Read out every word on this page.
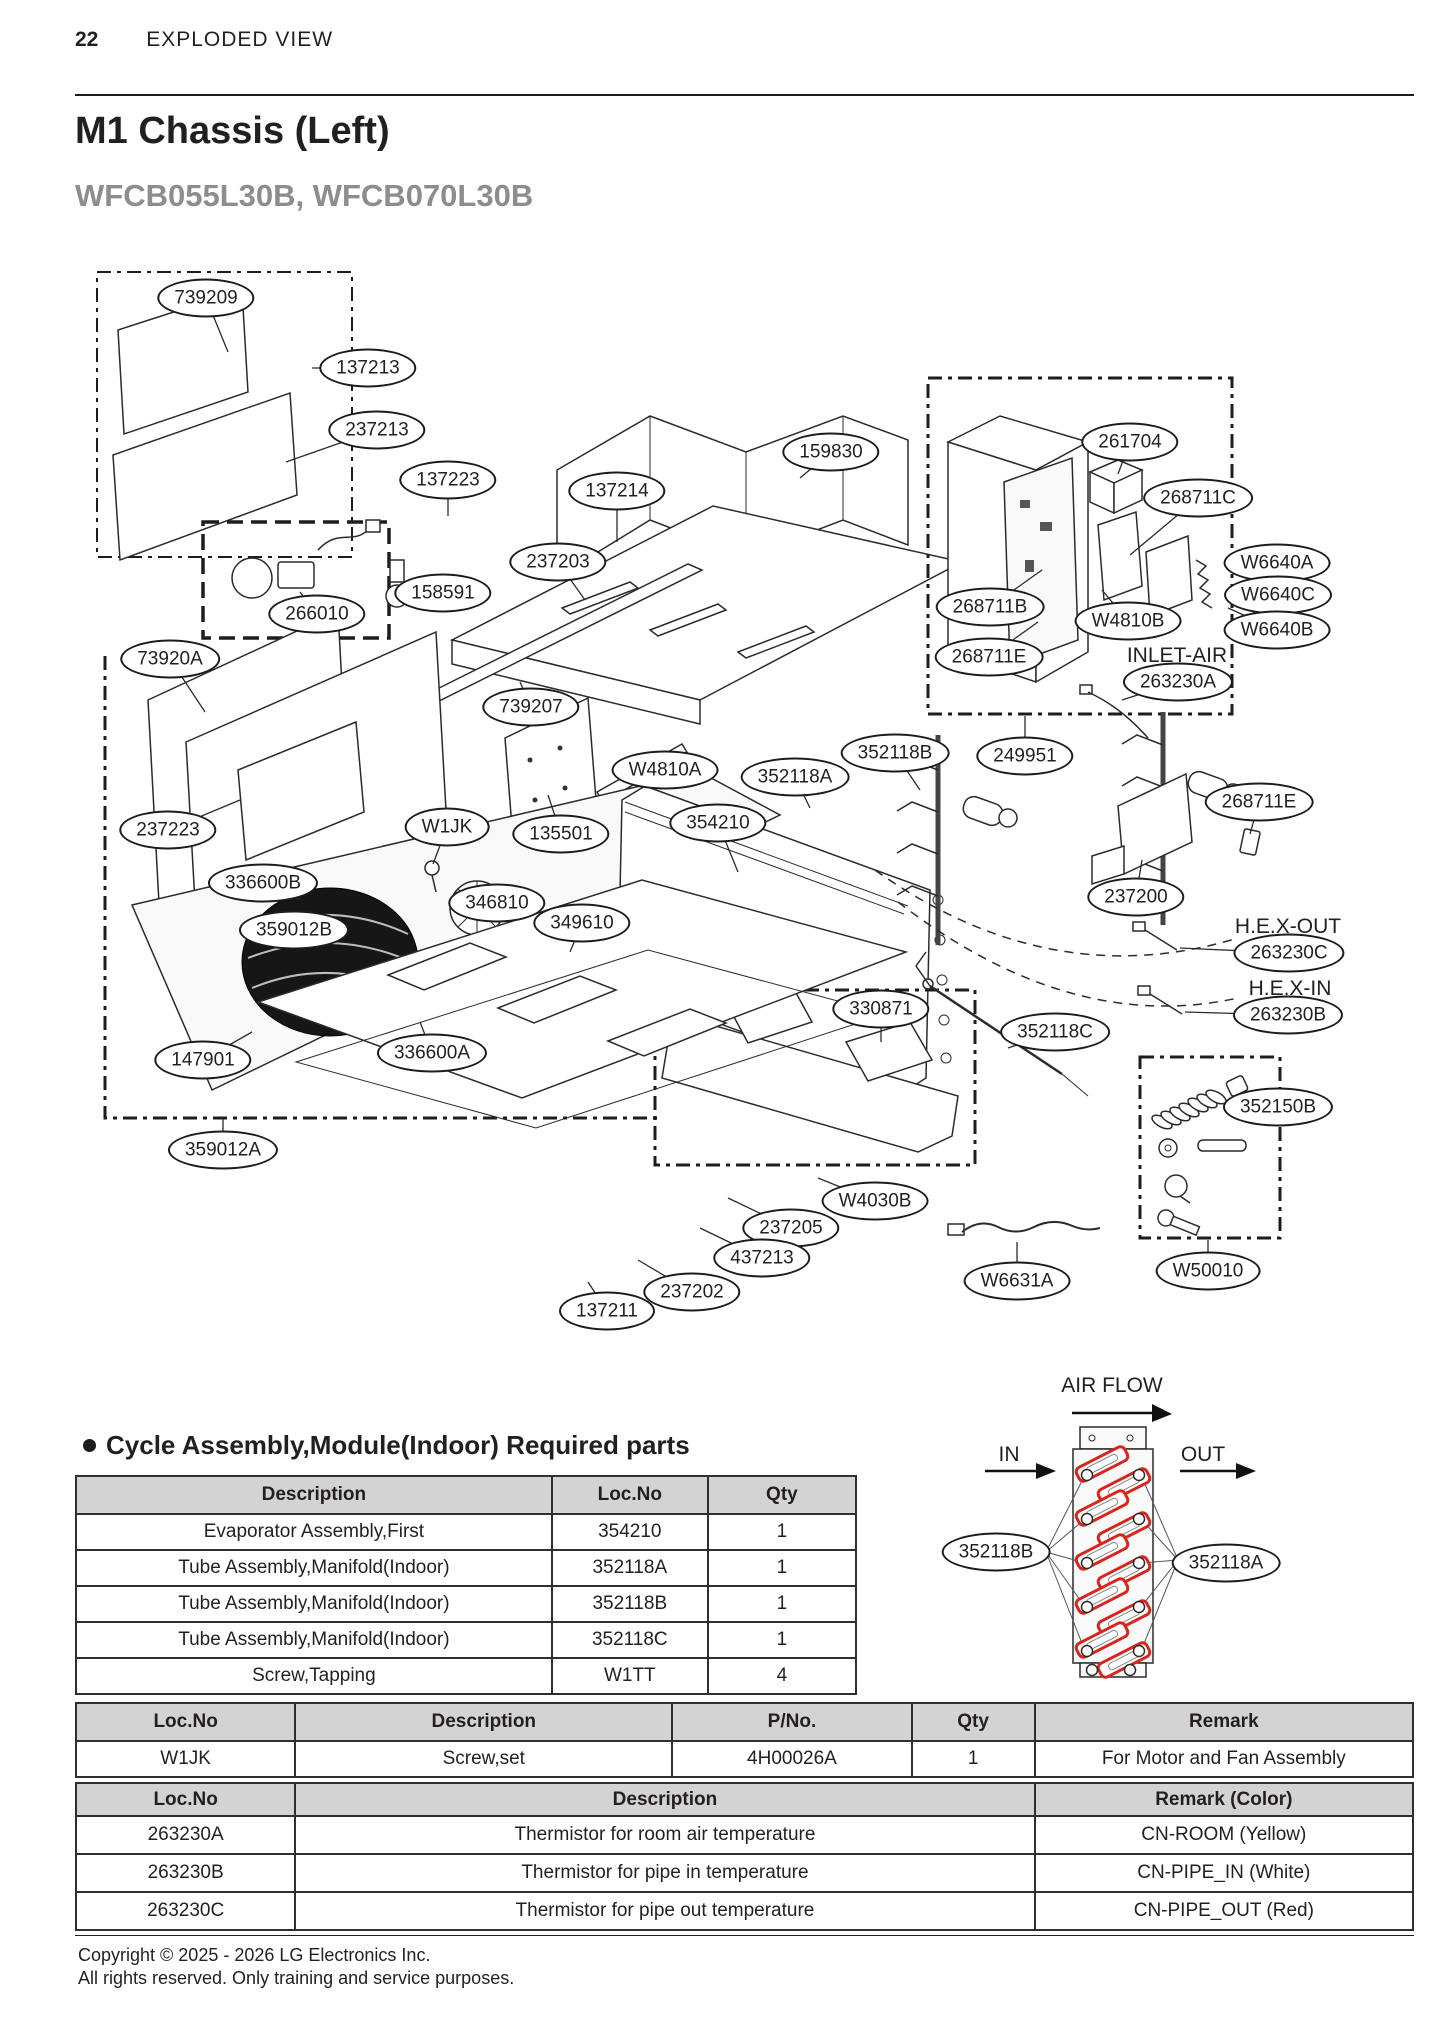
22 EXPLODED VIEW
M1 Chassis (Left)
WFCB055L30B, WFCB070L30B
739209
137213
237213
137223
137214
159830	261704
268711C
W6640A
W6640C
W6640B
268711B
W4810B
263230A
268711E
237203
158591
266010
73920A
739207
249951
352118B
W4810A	352118A
354210
268711E
237223	W1JK	135501
237200
336600B
346810
349610
263230C
359012B
263230B
330871
352118C
147901	336600A
352150B
359012A
W4030B
237205
437213
237202
137211
W6631A	W50010
352118B
352118A
INLET-AIR
H.E.X-OUT
H.E.X-IN
AIR FLOW
IN	OUT
Cycle Assembly,Module(Indoor) Required parts
Description	Loc.No	Qty
Evaporator Assembly,First	354210	1
Tube Assembly,Manifold(Indoor)	352118A	1
Tube Assembly,Manifold(Indoor)	352118B	1
Tube Assembly,Manifold(Indoor)	352118C	1
Screw,Tapping	W1TT	4
Loc.No	Description	P/No.	Qty	Remark
W1JK	Screw,set	4H00026A	1	For Motor and Fan Assembly
Loc.No	Description	Remark (Color)
263230A	Thermistor for room air temperature	CN-ROOM (Yellow)
263230B	Thermistor for pipe in temperature	CN-PIPE_IN (White)
263230C	Thermistor for pipe out temperature	CN-PIPE_OUT (Red)
Copyright © 2025 - 2026 LG Electronics Inc.
All rights reserved. Only training and service purposes.
